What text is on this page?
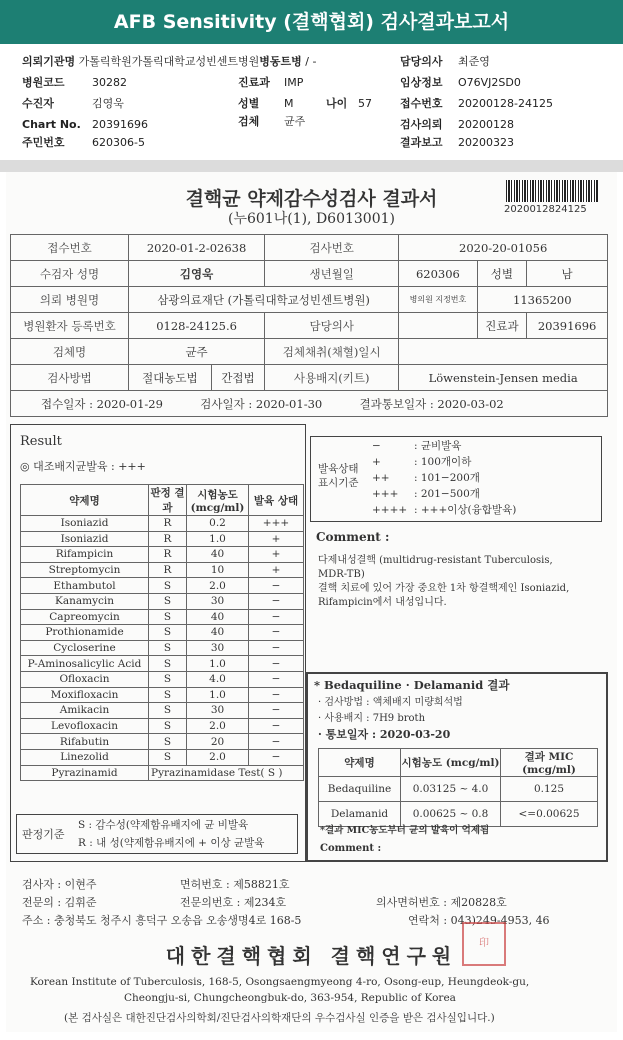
AFB Sensitivity (결핵협회) 검사결과보고서
의뢰기관명 가톨릭학원가톨릭대학교성빈센트병원병동트병 / -
병원코드 30282	진료과 IMP
수진자	김영욱	성별 M	나이 57
Chart No. 20391696	검체 균주
주민번호 620306-5
담당의사 최준영
임상정보 O76VJ2SD0
접수번호 20200128-24125
검사의뢰 20200128
결과보고 20200323
결핵균 약제감수성검사 결과서
(누601나(1), D6013001)
2020012824125
접수번호	2020-01-2-02638		검사번호	2020-20-01056		
수검자 성명	김영욱		생년월일	620306	성별	남
의뢰 병원명	삼광의료재단 (가톨릭대학교성빈센트병원)			병의원 지정번호	11365200	
병원환자 등록번호	0128-24125.6		담당의사		진료과	20391696
검체명	균주		검체채취(채혈)일시			
검사방법	절대농도법	간접법	사용배지(키트)	Löwenstein-Jensen media		
접수일자 : 2020-01-29 검사일자 : 2020-01-30 결과통보일자 : 2020-03-02						
Result
◎ 대조배지균발육 : +++
약제명	판정 결과	시험농도 (mcg/ml)	발육 상태
Isoniazid	R	0.2	+++
Isoniazid	R	1.0	+
Rifampicin	R	40	+
Streptomycin	R	10	+
Ethambutol	S	2.0	−
Kanamycin	S	30	−
Capreomycin	S	40	−
Prothionamide	S	40	−
Cycloserine	S	30	−
P-Aminosalicylic Acid	S	1.0	−
Ofloxacin	S	4.0	−
Moxifloxacin	S	1.0	−
Amikacin	S	30	−
Levofloxacin	S	2.0	−
Rifabutin	S	20	−
Linezolid	S	2.0	−
Pyrazinamid	Pyrazinamidase Test( S )		
판정기준
S : 감수성(약제함유배지에 균 비발육
R : 내 성(약제함유배지에 + 이상 균발육
발육상태 표시기준
−	: 균비발육
+	: 100개이하
++ : 101−200개
+++ : 201−500개
++++ : +++이상(융합발육)
Comment :
다제내성결핵 (multidrug-resistant Tuberculosis,
MDR-TB)
결핵 치료에 있어 가장 중요한 1차 항결핵제인 Isoniazid,
Rifampicin에서 내성입니다.
* Bedaquiline · Delamanid 결과
· 검사방법 : 액체배지 미량희석법
· 사용배지 : 7H9 broth
· 통보일자 : 2020-03-20
약제명	시험농도 (mcg/ml)	결과 MIC (mcg/ml)
Bedaquiline	0.03125 ~ 4.0	0.125
Delamanid	0.00625 ~ 0.8	<=0.00625
*결과 MIC농도부터 균의 발육이 억제됨
Comment :
검사자 : 이현주	면허번호 : 제58821호
전문의 : 김휘준	전문의번호 : 제234호	의사면허번호 : 제20828호
주소 : 충청북도 청주시 흥덕구 오송읍 오송생명4로 168-5	연락처 : 043)249-4953, 46
대한결핵협회 결핵연구원
印
Korean Institute of Tuberculosis, 168-5, Osongsaengmyeong 4-ro, Osong-eup, Heungdeok-gu,
Cheongju-si, Chungcheongbuk-do, 363-954, Republic of Korea
(본 검사실은 대한진단검사의학회/진단검사의학재단의 우수검사실 인증을 받은 검사실입니다.)
